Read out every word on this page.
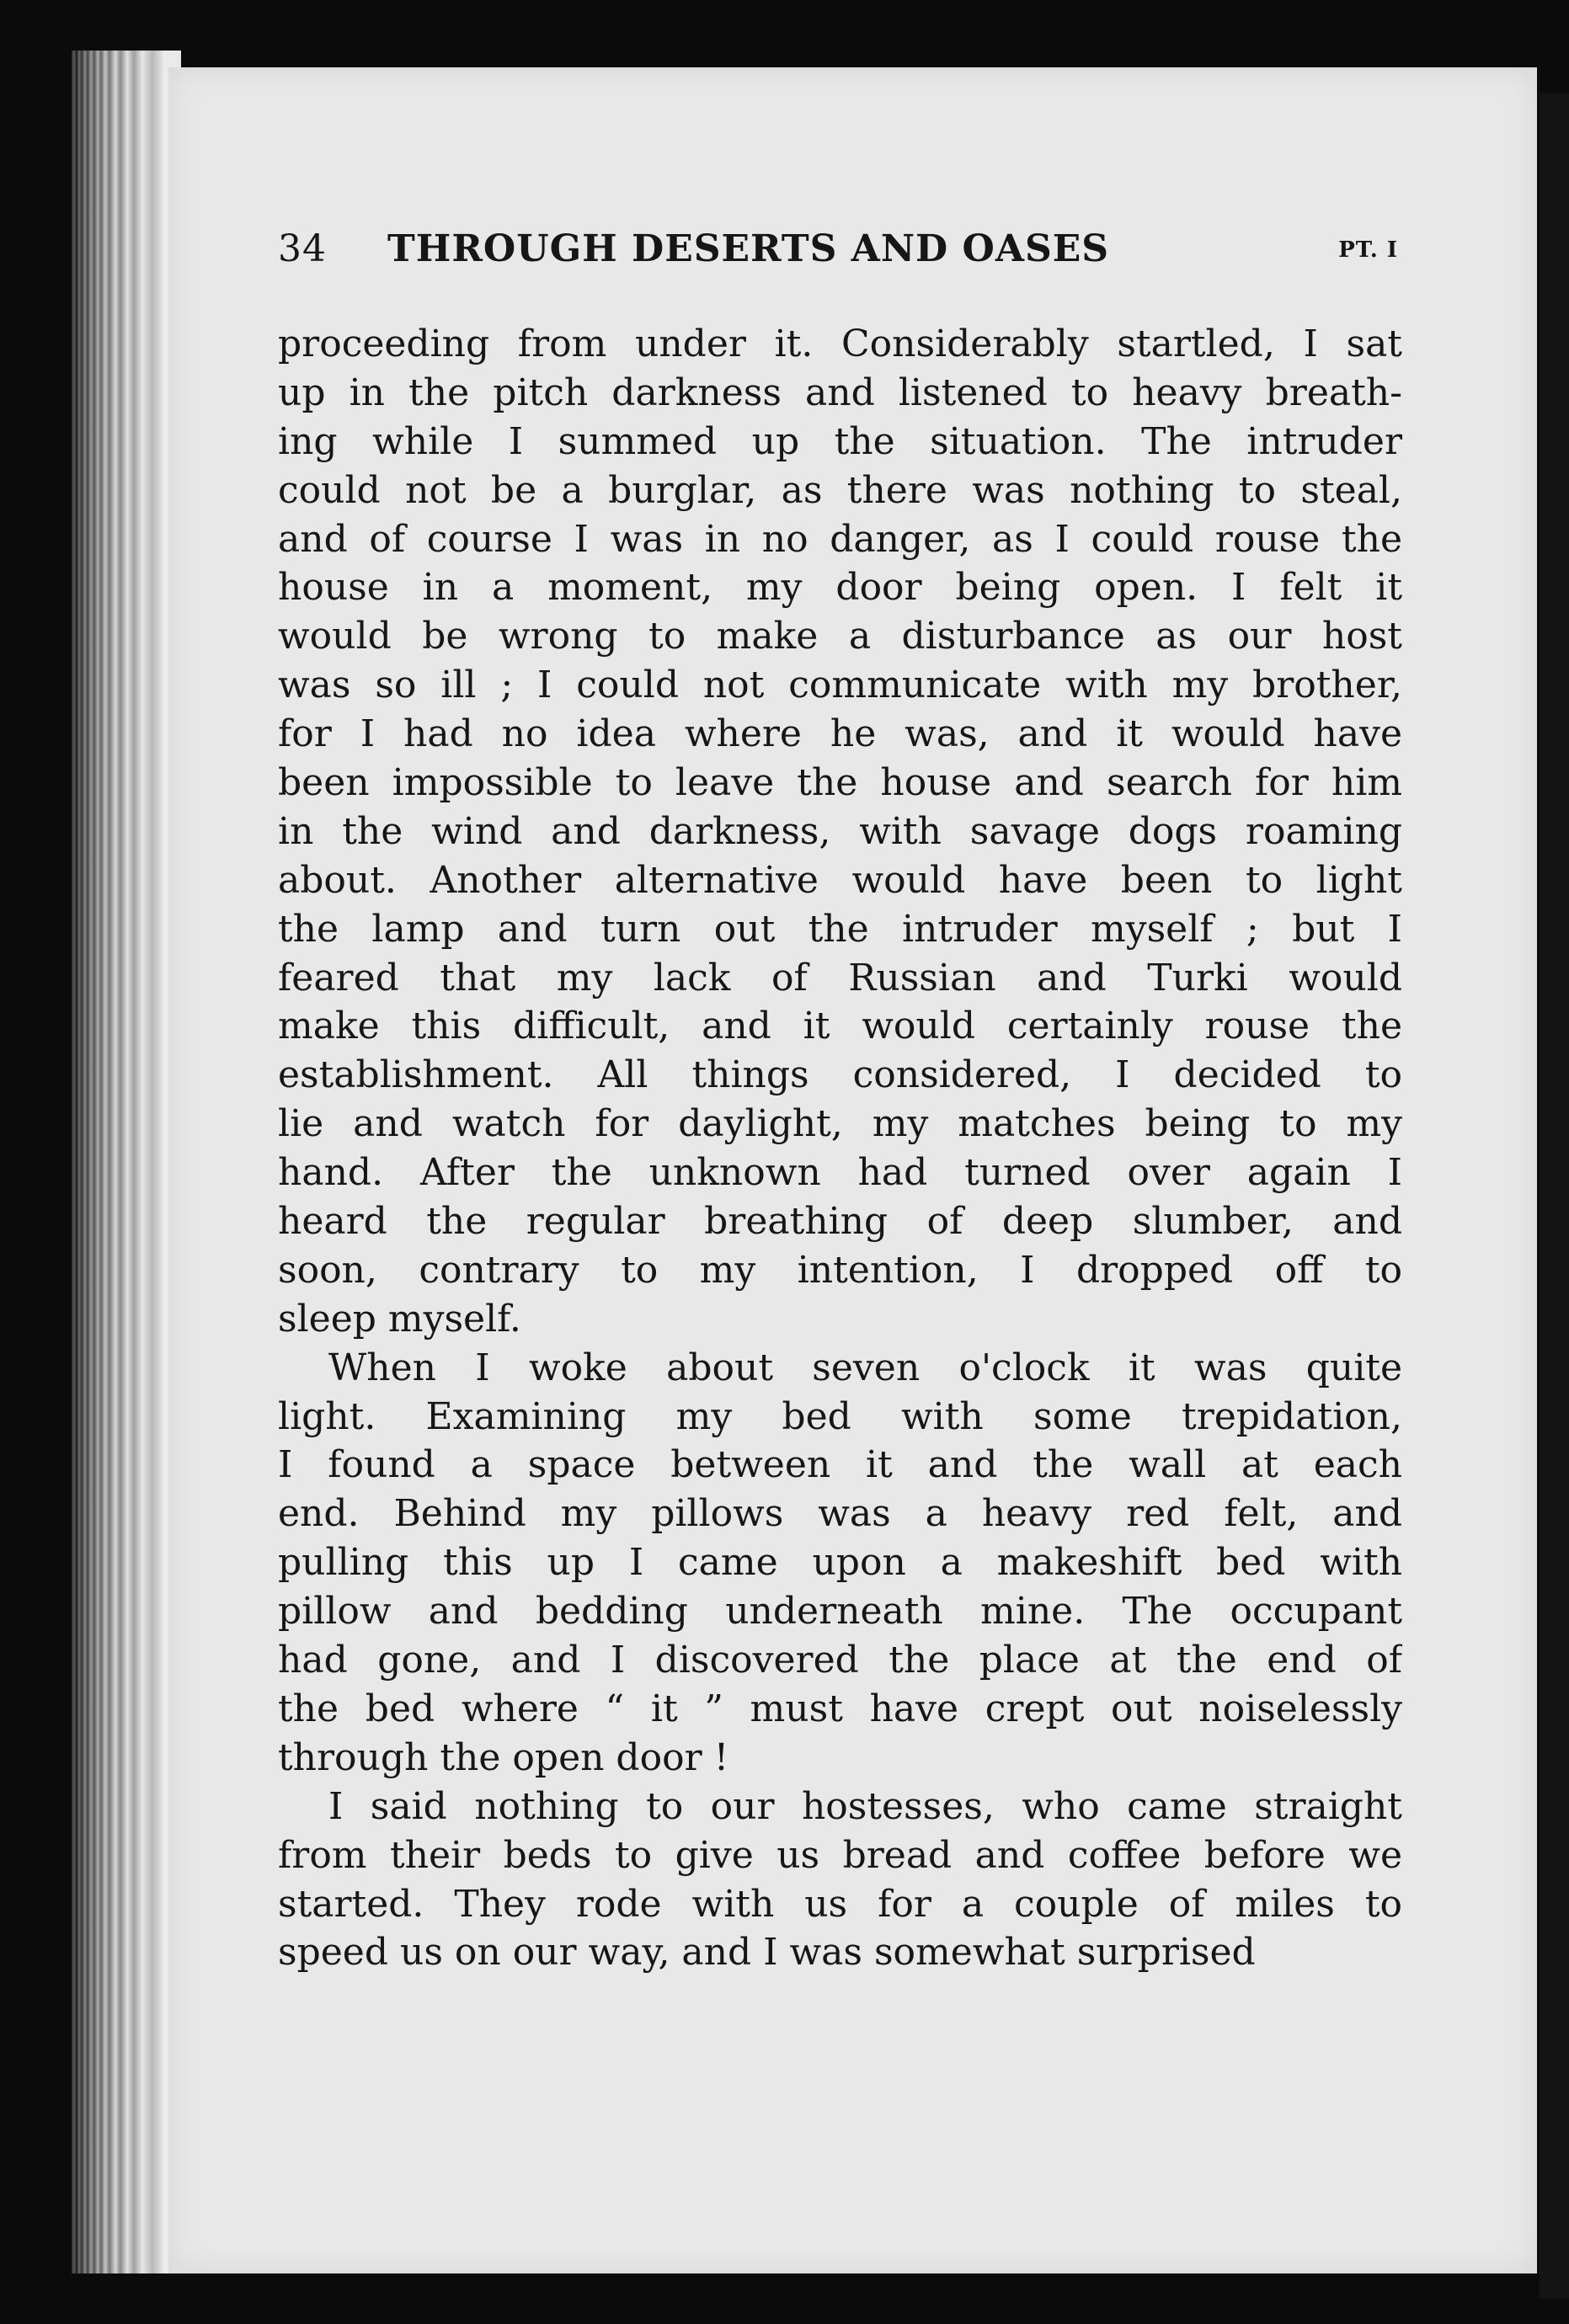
34 THROUGH DESERTS AND OASES	PT. I
proceeding from under it. Considerably startled, I sat
up in the pitch darkness and listened to heavy breath-
ing while I summed up the situation. The intruder
could not be a burglar, as there was nothing to steal,
and of course I was in no danger, as I could rouse the
house in a moment, my door being open. I felt it
would be wrong to make a disturbance as our host
was so ill ; I could not communicate with my brother,
for I had no idea where he was, and it would have
been impossible to leave the house and search for him
in the wind and darkness, with savage dogs roaming
about. Another alternative would have been to light
the lamp and turn out the intruder myself ; but I
feared that my lack of Russian and Turki would
make this difficult, and it would certainly rouse the
establishment. All things considered, I decided to
lie and watch for daylight, my matches being to my
hand. After the unknown had turned over again I
heard the regular breathing of deep slumber, and
soon, contrary to my intention, I dropped off to
sleep myself.
When I woke about seven o'clock it was quite
light. Examining my bed with some trepidation,
I found a space between it and the wall at each
end. Behind my pillows was a heavy red felt, and
pulling this up I came upon a makeshift bed with
pillow and bedding underneath mine. The occupant
had gone, and I discovered the place at the end of
the bed where “ it ” must have crept out noiselessly
through the open door !
I said nothing to our hostesses, who came straight
from their beds to give us bread and coffee before we
started. They rode with us for a couple of miles to
speed us on our way, and I was somewhat surprised
